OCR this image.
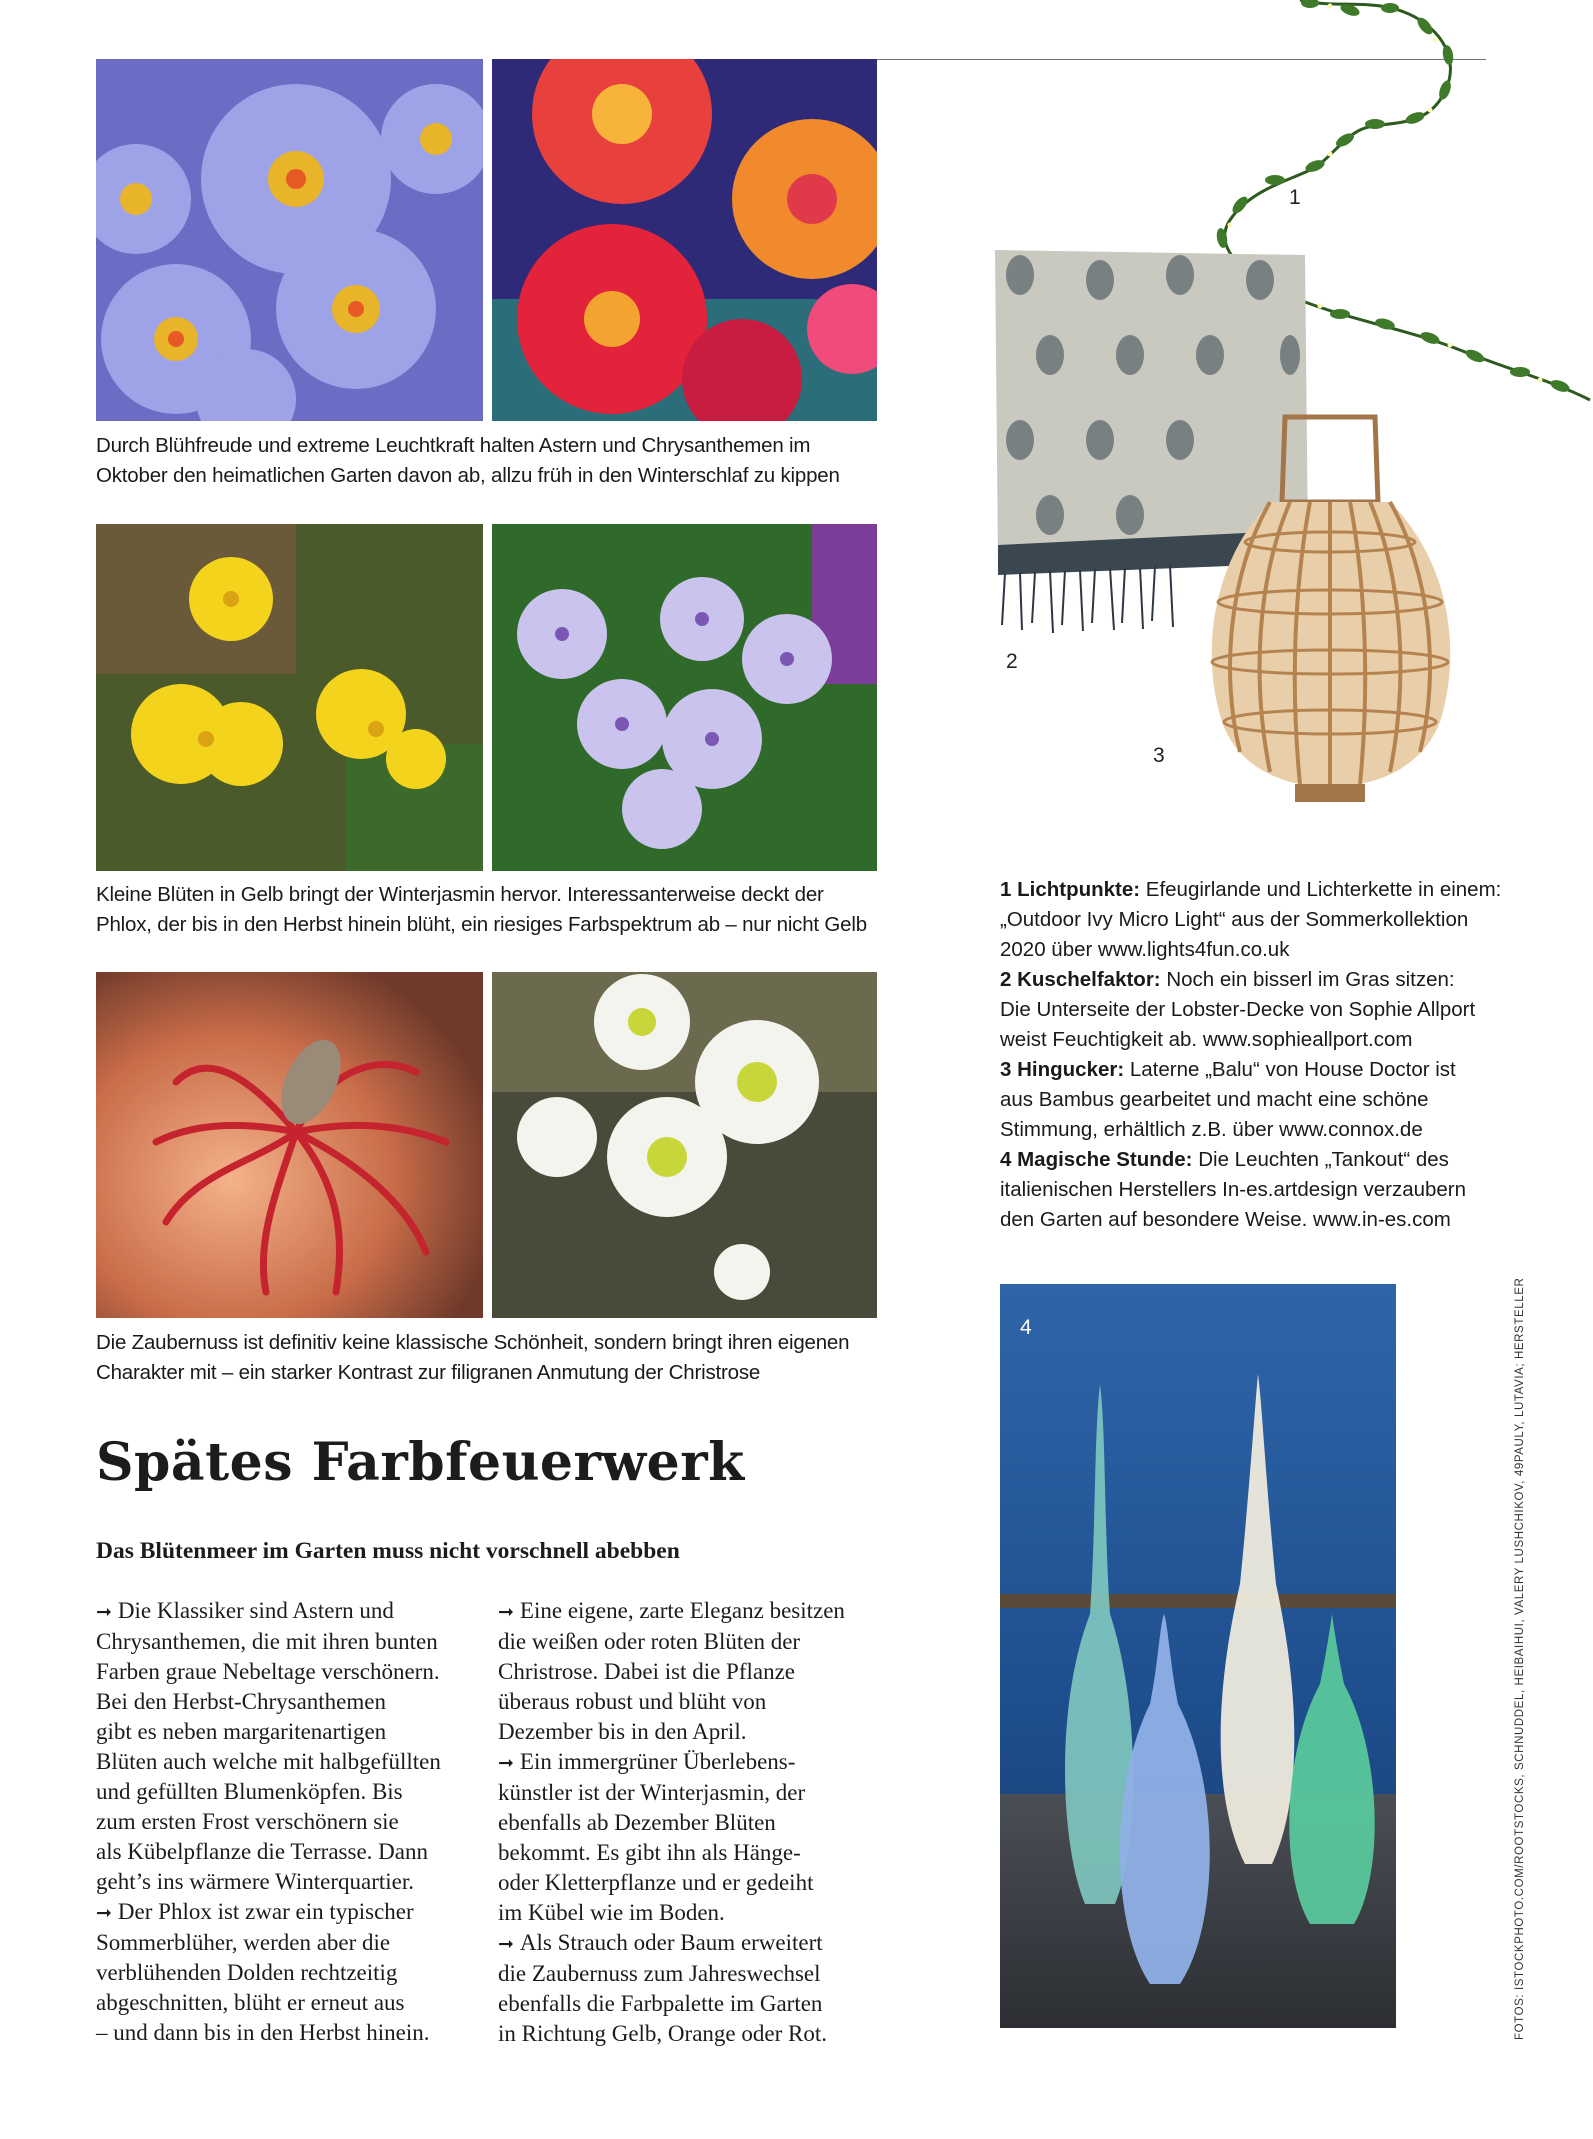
1
2
3
Durch Blühfreude und extreme Leuchtkraft halten Astern und Chrysanthemen im
Oktober den heimatlichen Garten davon ab, allzu früh in den Winterschlaf zu kippen
Kleine Blüten in Gelb bringt der Winterjasmin hervor. Interessanterweise deckt der
Phlox, der bis in den Herbst hinein blüht, ein riesiges Farbspektrum ab – nur nicht Gelb
Die Zaubernuss ist definitiv keine klassische Schönheit, sondern bringt ihren eigenen
Charakter mit – ein starker Kontrast zur filigranen Anmutung der Christrose
Spätes Farbfeuerwerk
Das Blütenmeer im Garten muss nicht vorschnell abebben

➞ Die Klassiker sind Astern und

Chrysanthemen, die mit ihren bunten

Farben graue Nebeltage verschönern.

Bei den Herbst-Chrysanthemen

gibt es neben margaritenartigen

Blüten auch welche mit halbgefüllten

und gefüllten Blumenköpfen. Bis

zum ersten Frost verschönern sie

als Kübelpflanze die Terrasse. Dann

geht’s ins wärmere Winterquartier.

➞ Der Phlox ist zwar ein typischer

Sommerblüher, werden aber die

verblühenden Dolden rechtzeitig

abgeschnitten, blüht er erneut aus

– und dann bis in den Herbst hinein.

➞ Eine eigene, zarte Eleganz besitzen

die weißen oder roten Blüten der

Christrose. Dabei ist die Pflanze

überaus robust und blüht von

Dezember bis in den April.

➞ Ein immergrüner Überlebens-

künstler ist der Winterjasmin, der

ebenfalls ab Dezember Blüten

bekommt. Es gibt ihn als Hänge-

oder Kletterpflanze und er gedeiht

im Kübel wie im Boden.

➞ Als Strauch oder Baum erweitert

die Zaubernuss zum Jahreswechsel

ebenfalls die Farbpalette im Garten

in Richtung Gelb, Orange oder Rot.

1 Lichtpunkte: Efeugirlande und Lichterkette in einem:
„Outdoor Ivy Micro Light“ aus der Sommerkollektion
2020 über www.lights4fun.co.uk
2 Kuschelfaktor: Noch ein bisserl im Gras sitzen:
Die Unterseite der Lobster-Decke von Sophie Allport
weist Feuchtigkeit ab. www.sophieallport.com
3 Hingucker: Laterne „Balu“ von House Doctor ist
aus Bambus gearbeitet und macht eine schöne
Stimmung, erhältlich z.B. über www.connox.de
4 Magische Stunde: Die Leuchten „Tankout“ des
italienischen Herstellers In-es.artdesign verzaubern
den Garten auf besondere Weise. www.in-es.com
4	FOTOS: ISTOCKPHOTO.COM/ROOTSTOCKS, SCHNUDDEL, HEIBAIHUI, VALERY LUSHCHIKOV, 49PAULY, LUTAVIA; HERSTELLER
